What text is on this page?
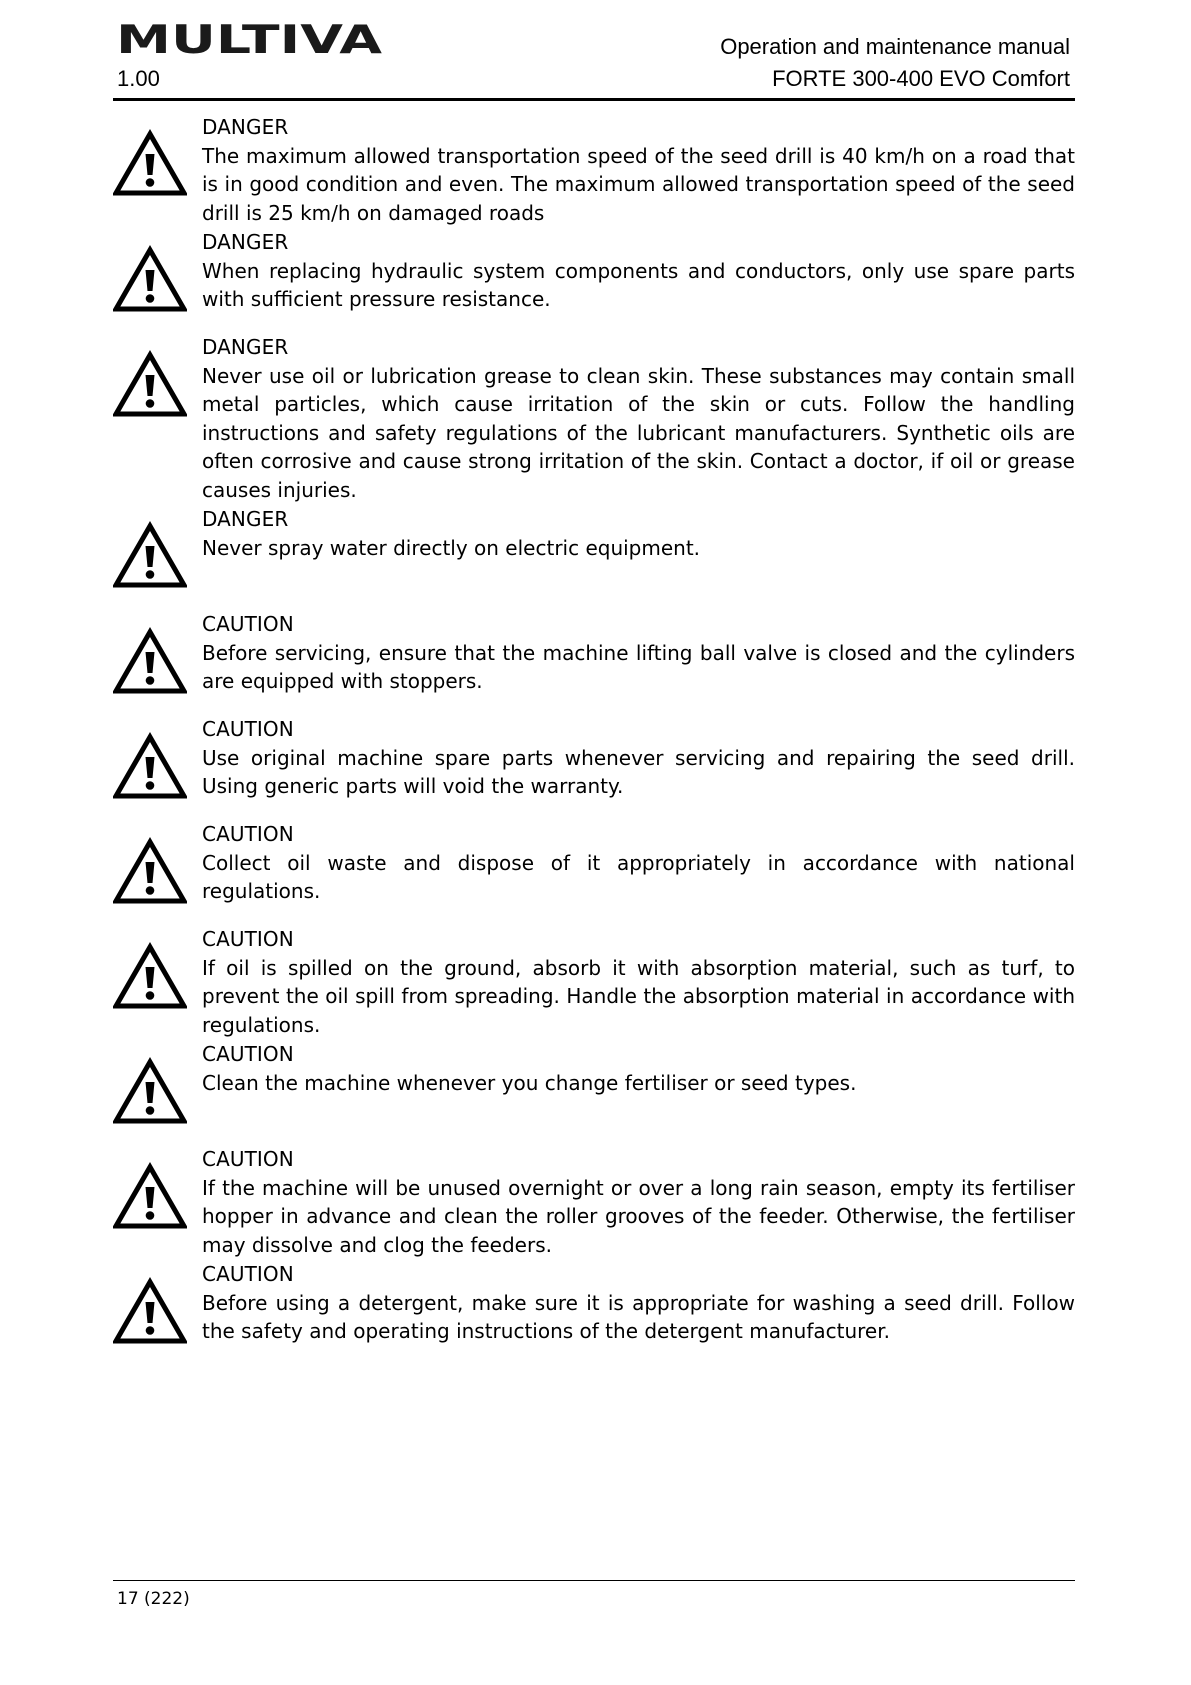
MULTIVA
1.00
Operation and maintenance manual
FORTE 300-400 EVO Comfort
DANGER
The maximum allowed transportation speed of the seed drill is 40 km/h on a road that is in good condition and even. The maximum allowed transportation speed of the seed drill is 25 km/h on damaged roads
DANGER
When replacing hydraulic system components and conductors, only use spare parts with sufficient pressure resistance.
DANGER
Never use oil or lubrication grease to clean skin. These substances may contain small metal particles, which cause irritation of the skin or cuts. Follow the handling instructions and safety regulations of the lubricant manufacturers. Synthetic oils are often corrosive and cause strong irritation of the skin. Contact a doctor, if oil or grease causes injuries.
DANGER
Never spray water directly on electric equipment.
CAUTION
Before servicing, ensure that the machine lifting ball valve is closed and the cylinders are equipped with stoppers.
CAUTION
Use original machine spare parts whenever servicing and repairing the seed drill. Using generic parts will void the warranty.
CAUTION
Collect oil waste and dispose of it appropriately in accordance with national regulations.
CAUTION
If oil is spilled on the ground, absorb it with absorption material, such as turf, to prevent the oil spill from spreading. Handle the absorption material in accordance with regulations.
CAUTION
Clean the machine whenever you change fertiliser or seed types.
CAUTION
If the machine will be unused overnight or over a long rain season, empty its fertiliser hopper in advance and clean the roller grooves of the feeder. Otherwise, the fertiliser may dissolve and clog the feeders.
CAUTION
Before using a detergent, make sure it is appropriate for washing a seed drill. Follow the safety and operating instructions of the detergent manufacturer.
17 (222)
